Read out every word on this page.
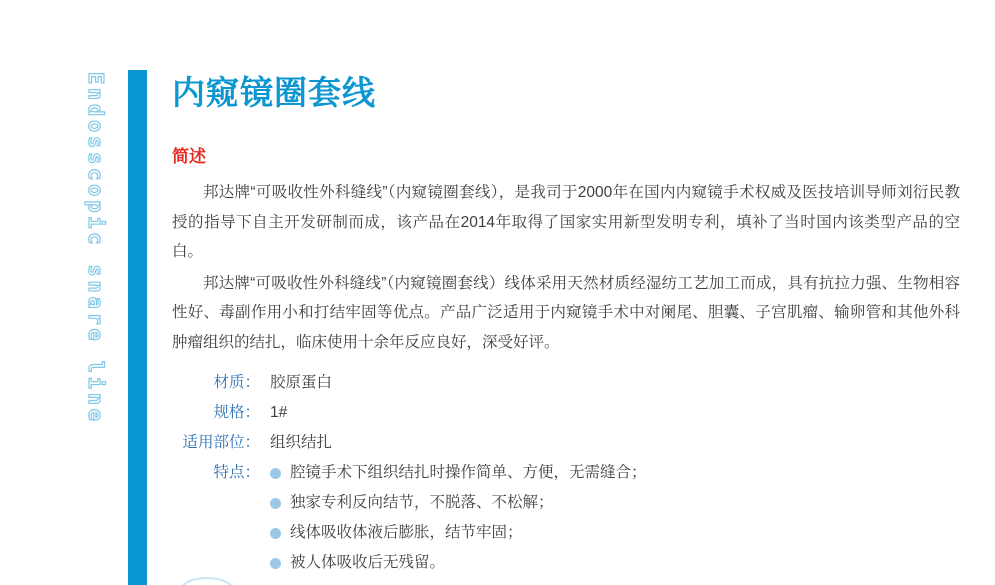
Endosscopic snare line 内窥镜圈套线
简述

邦达牌“可吸收性外科缝线”（内窥镜圈套线），是我司于2000年在国内内窥镜手术权威及医技培训导师刘衍民教授的指导下自主开发研制而成，该产品在2014年取得了国家实用新型发明专利，填补了当时国内该类型产品的空白。

邦达牌“可吸收性外科缝线”（内窥镜圈套线）线体采用天然材质经湿纺工艺加工而成，具有抗拉力强、生物相容性好、毒副作用小和打结牢固等优点。产品广泛适用于内窥镜手术中对阑尾、胆囊、子宫肌瘤、输卵管和其他外科肿瘤组织的结扎，临床使用十余年反应良好，深受好评。

材质： 胶原蛋白
规格： 1#
适用部位： 组织结扎
特点： 腔镜手术下组织结扎时操作简单、方便，无需缝合；
独家专利反向结节，不脱落、不松解；
线体吸收体液后膨胀，结节牢固；
被人体吸收后无残留。
